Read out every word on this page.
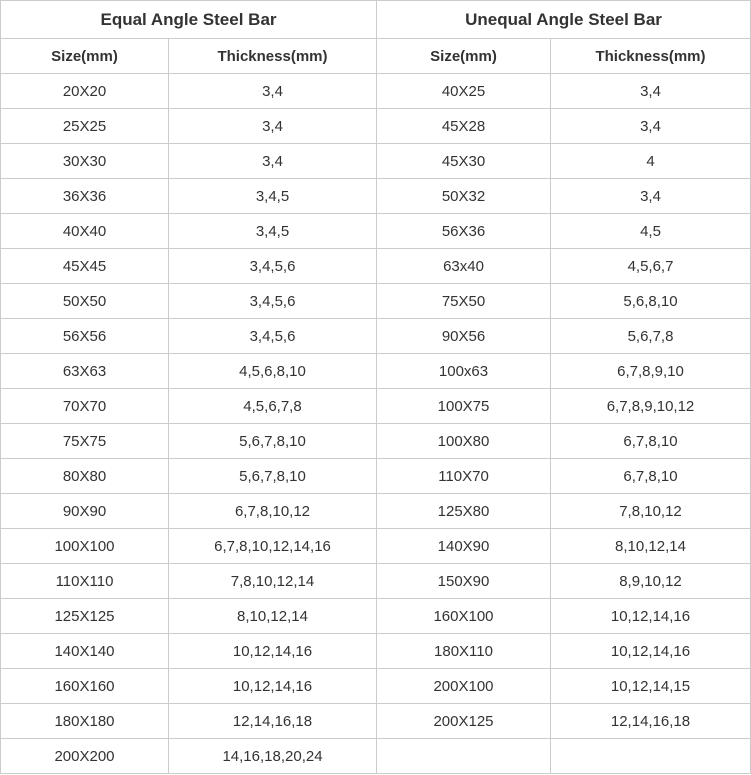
Equal Angle Steel Bar		Unequal Angle Steel Bar	
Size(mm)	Thickness(mm)	Size(mm)	Thickness(mm)
20X20	3,4	40X25	3,4
25X25	3,4	45X28	3,4
30X30	3,4	45X30	4
36X36	3,4,5	50X32	3,4
40X40	3,4,5	56X36	4,5
45X45	3,4,5,6	63x40	4,5,6,7
50X50	3,4,5,6	75X50	5,6,8,10
56X56	3,4,5,6	90X56	5,6,7,8
63X63	4,5,6,8,10	100x63	6,7,8,9,10
70X70	4,5,6,7,8	100X75	6,7,8,9,10,12
75X75	5,6,7,8,10	100X80	6,7,8,10
80X80	5,6,7,8,10	110X70	6,7,8,10
90X90	6,7,8,10,12	125X80	7,8,10,12
100X100	6,7,8,10,12,14,16	140X90	8,10,12,14
110X110	7,8,10,12,14	150X90	8,9,10,12
125X125	8,10,12,14	160X100	10,12,14,16
140X140	10,12,14,16	180X110	10,12,14,16
160X160	10,12,14,16	200X100	10,12,14,15
180X180	12,14,16,18	200X125	12,14,16,18
200X200	14,16,18,20,24		
